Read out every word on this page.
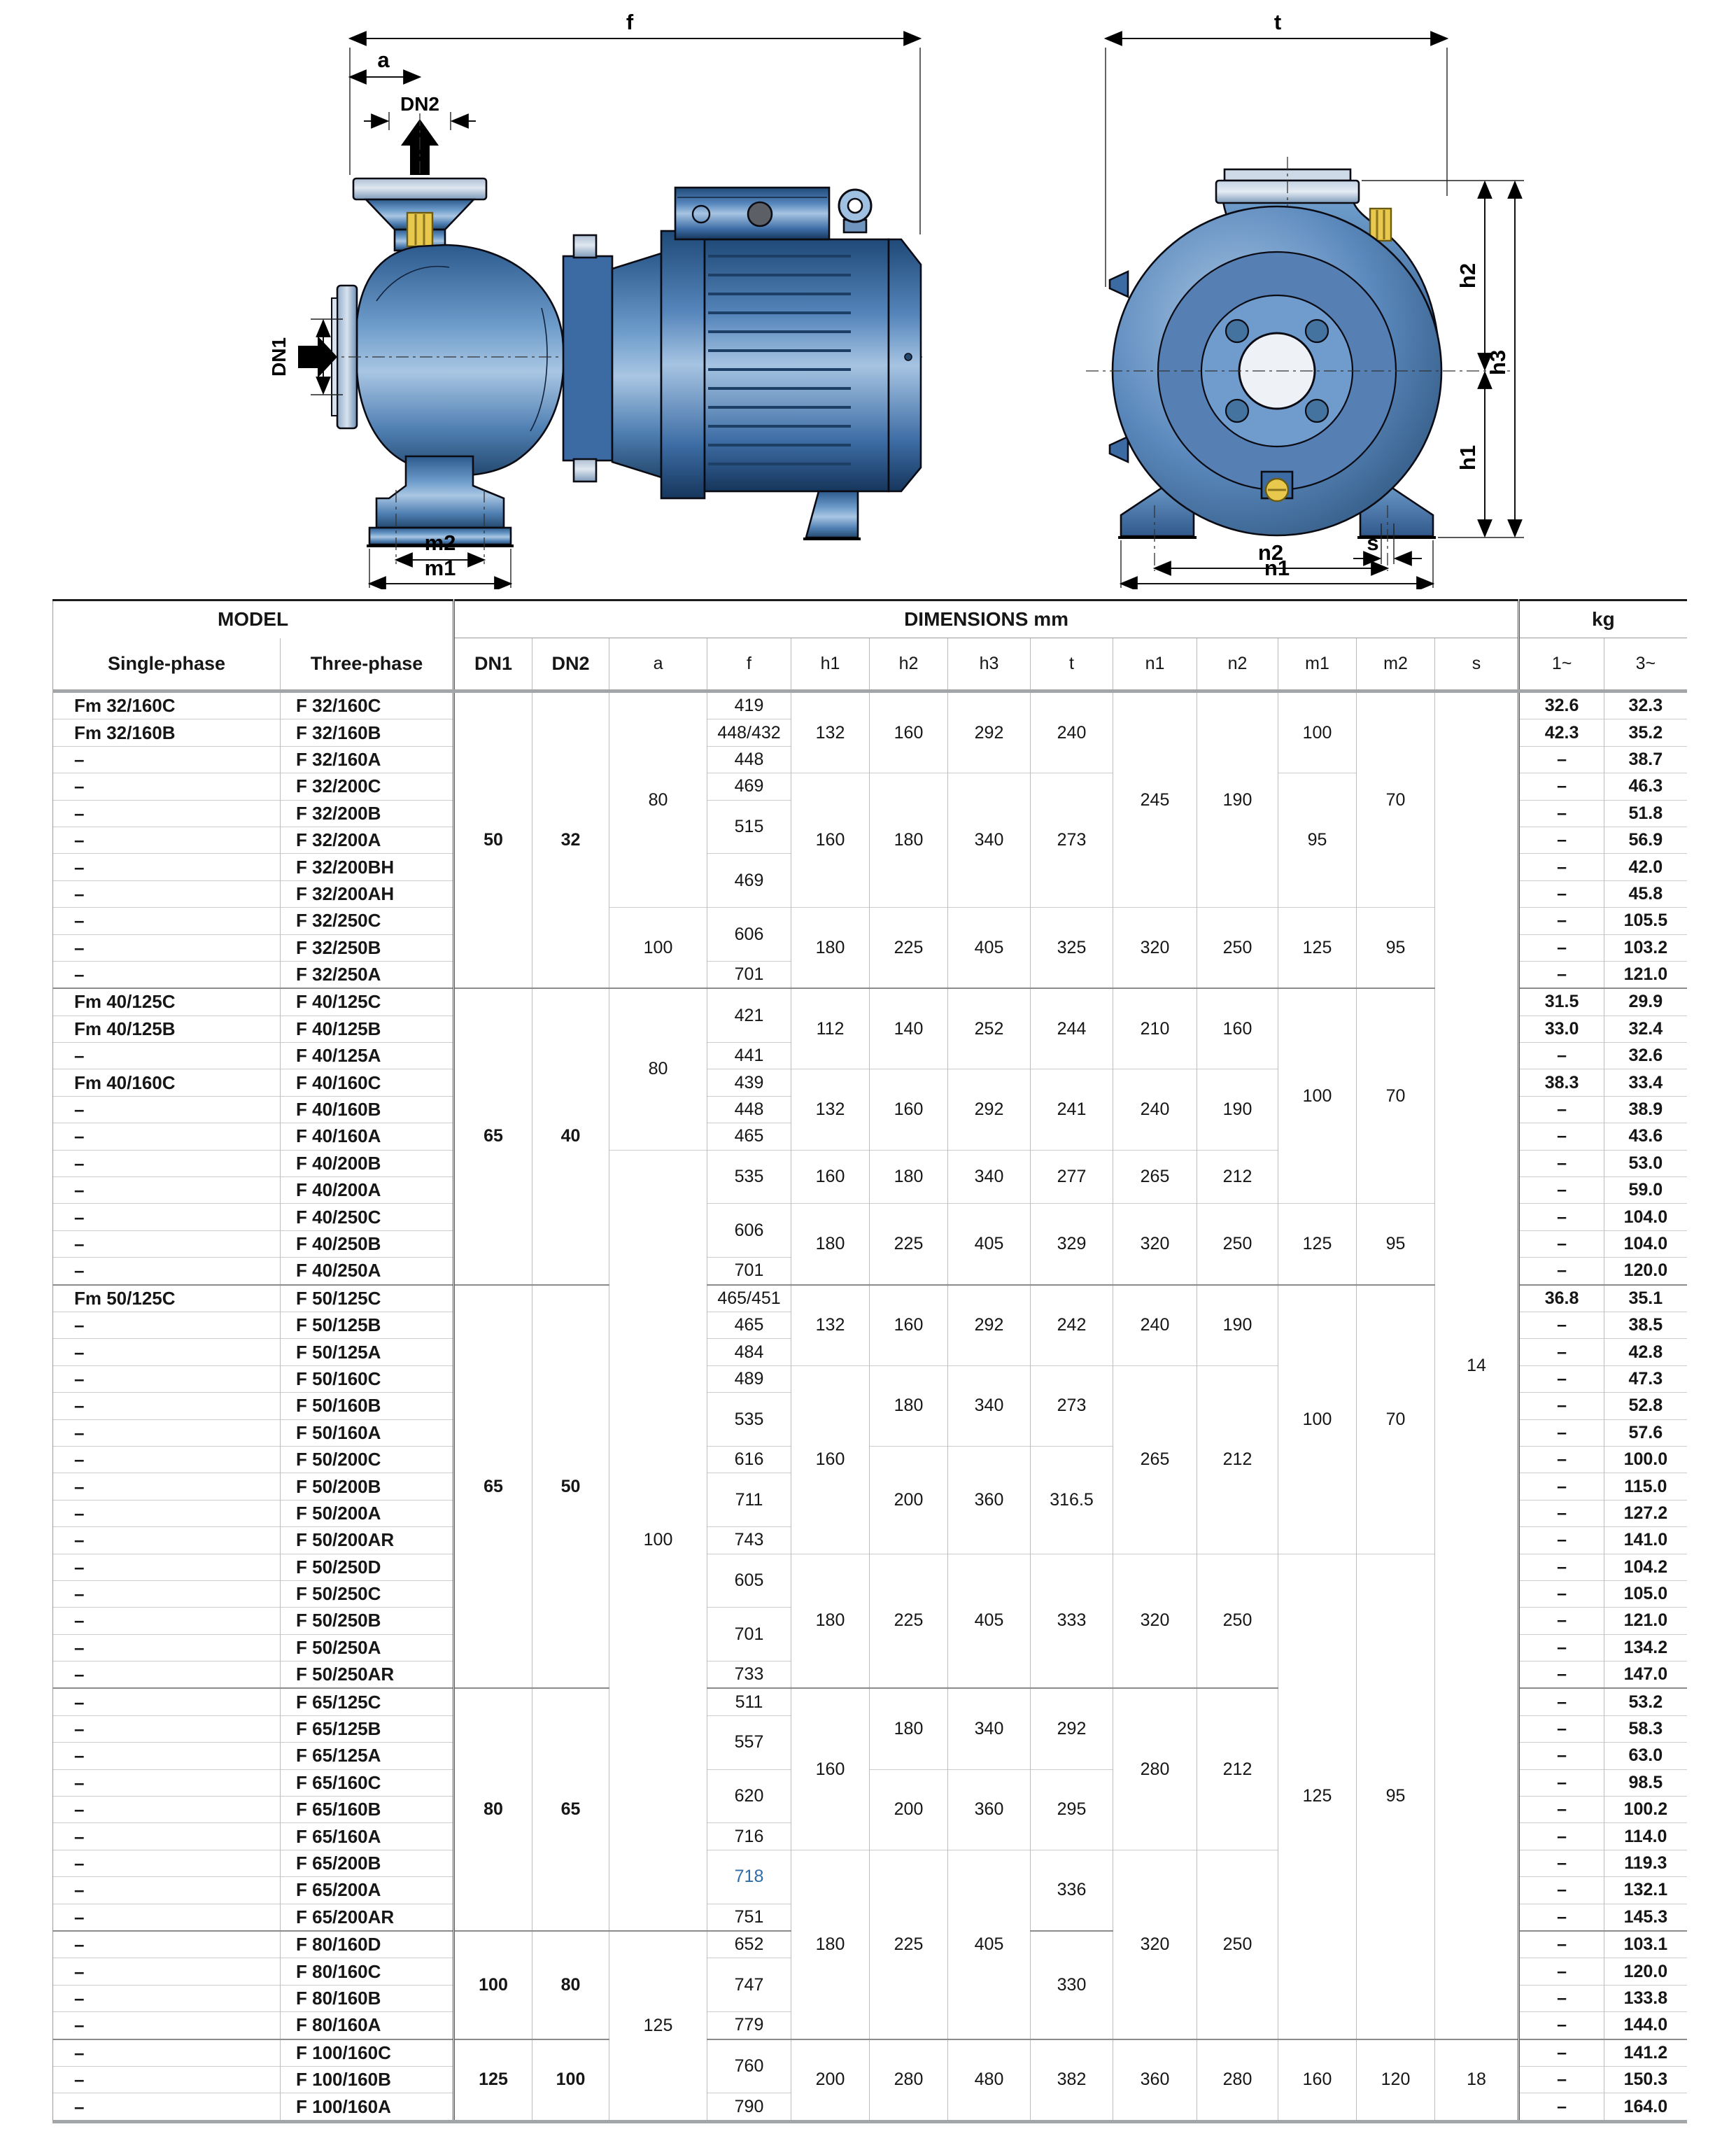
f
a
DN2
DN1
m2
m1
t
h2
h1
h3
s
n2
n1
MODEL		DIMENSIONS mm													kg	
Single-phase	Three-phase	DN1	DN2	a	f	h1	h2	h3	t	n1	n2	m1	m2	s	1~	3~
Fm 32/160C	F 32/160C	50	32	80	419	132	160	292	240	245	190	100	70	14	32.6	32.3
Fm 32/160B	F 32/160B				448/432										42.3	35.2
–	F 32/160A				448										–	38.7
–	F 32/200C				469	160	180	340	273			95			–	46.3
–	F 32/200B				515										–	51.8
–	F 32/200A														–	56.9
–	F 32/200BH				469										–	42.0
–	F 32/200AH														–	45.8
–	F 32/250C			100	606	180	225	405	325	320	250	125	95		–	105.5
–	F 32/250B														–	103.2
–	F 32/250A				701										–	121.0
Fm 40/125C	F 40/125C	65	40	80	421	112	140	252	244	210	160	100	70		31.5	29.9
Fm 40/125B	F 40/125B														33.0	32.4
–	F 40/125A				441										–	32.6
Fm 40/160C	F 40/160C				439	132	160	292	241	240	190				38.3	33.4
–	F 40/160B				448										–	38.9
–	F 40/160A				465										–	43.6
–	F 40/200B			100	535	160	180	340	277	265	212				–	53.0
–	F 40/200A														–	59.0
–	F 40/250C				606	180	225	405	329	320	250	125	95		–	104.0
–	F 40/250B														–	104.0
–	F 40/250A				701										–	120.0
Fm 50/125C	F 50/125C	65	50		465/451	132	160	292	242	240	190	100	70		36.8	35.1
–	F 50/125B				465										–	38.5
–	F 50/125A				484										–	42.8
–	F 50/160C				489	160	180	340	273	265	212				–	47.3
–	F 50/160B				535										–	52.8
–	F 50/160A														–	57.6
–	F 50/200C				616		200	360	316.5						–	100.0
–	F 50/200B				711										–	115.0
–	F 50/200A														–	127.2
–	F 50/200AR				743										–	141.0
–	F 50/250D				605	180	225	405	333	320	250	125	95		–	104.2
–	F 50/250C														–	105.0
–	F 50/250B				701										–	121.0
–	F 50/250A														–	134.2
–	F 50/250AR				733										–	147.0
–	F 65/125C	80	65		511	160	180	340	292	280	212				–	53.2
–	F 65/125B				557										–	58.3
–	F 65/125A														–	63.0
–	F 65/160C				620		200	360	295						–	98.5
–	F 65/160B														–	100.2
–	F 65/160A				716										–	114.0
–	F 65/200B				718	180	225	405	336	320	250				–	119.3
–	F 65/200A														–	132.1
–	F 65/200AR				751										–	145.3
–	F 80/160D	100	80	125	652				330						–	103.1
–	F 80/160C				747										–	120.0
–	F 80/160B														–	133.8
–	F 80/160A				779										–	144.0
–	F 100/160C	125	100		760	200	280	480	382	360	280	160	120	18	–	141.2
–	F 100/160B														–	150.3
–	F 100/160A				790										–	164.0
